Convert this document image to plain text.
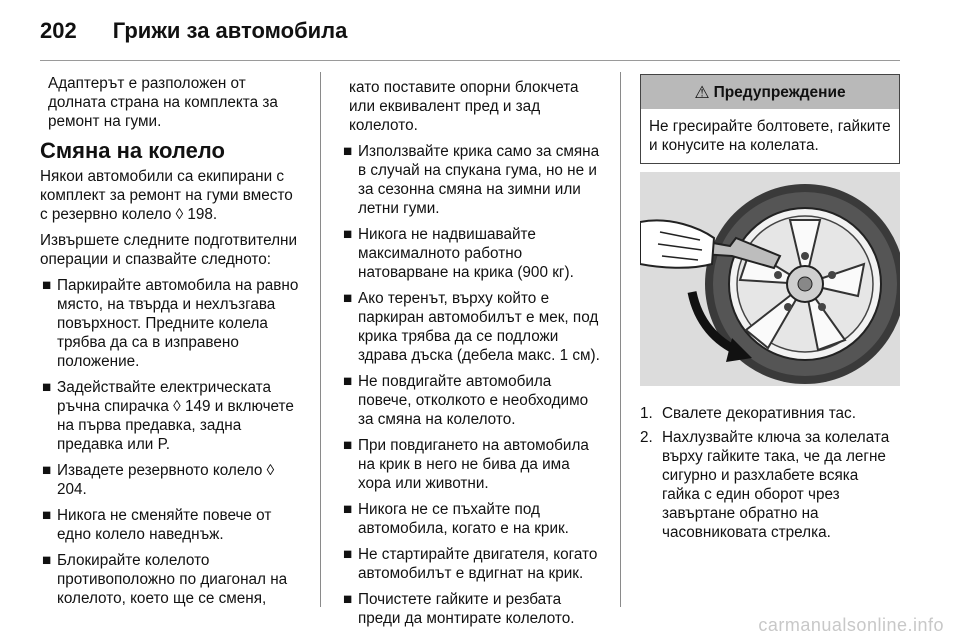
202 Грижи за автомобила

Адаптерът е разположен от долната страна на комплекта за ремонт на гуми.

Смяна на колело

Някои автомобили са екипирани с комплект за ремонт на гуми вместо с резервно колело ◊ 198.

Извършете следните подготвителни операции и спазвайте следното:

■ Паркирайте автомобила на равно място, на твърда и нехлъзгава повърхност. Предните колела трябва да са в изправено положение.
■ Задействайте електрическата ръчна спирачка ◊ 149 и включете на първа предавка, задна предавка или P.
■ Извадете резервното колело ◊ 204.
■ Никога не сменяйте повече от едно колело наведнъж.
■ Блокирайте колелото противоположно по диагонал на колелото, което ще се сменя,

като поставите опорни блокчета или еквивалент пред и зад колелото.

■ Използвайте крика само за смяна в случай на спукана гума, но не и за сезонна смяна на зимни или летни гуми.
■ Никога не надвишавайте максималното работно натоварване на крика (900 кг).
■ Ако теренът, върху който е паркиран автомобилът е мек, под крика трябва да се подложи здрава дъска (дебела макс. 1 см).
■ Не повдигайте автомобила повече, отколкото е необходимо за смяна на колелото.
■ При повдигането на автомобила на крик в него не бива да има хора или животни.
■ Никога не се пъхайте под автомобила, когато е на крик.
■ Не стартирайте двигателя, когато автомобилът е вдигнат на крик.
■ Почистете гайките и резбата преди да монтирате колелото.
⚠ Предупреждение
Не гресирайте болтовете, гайките и конусите на колелата.
1. Свалете декоративния тас.
2. Нахлузвайте ключа за колелата върху гайките така, че да легне сигурно и разхлабете всяка гайка с един оборот чрез завъртане обратно на часовниковата стрелка.
carmanualsonline.info
